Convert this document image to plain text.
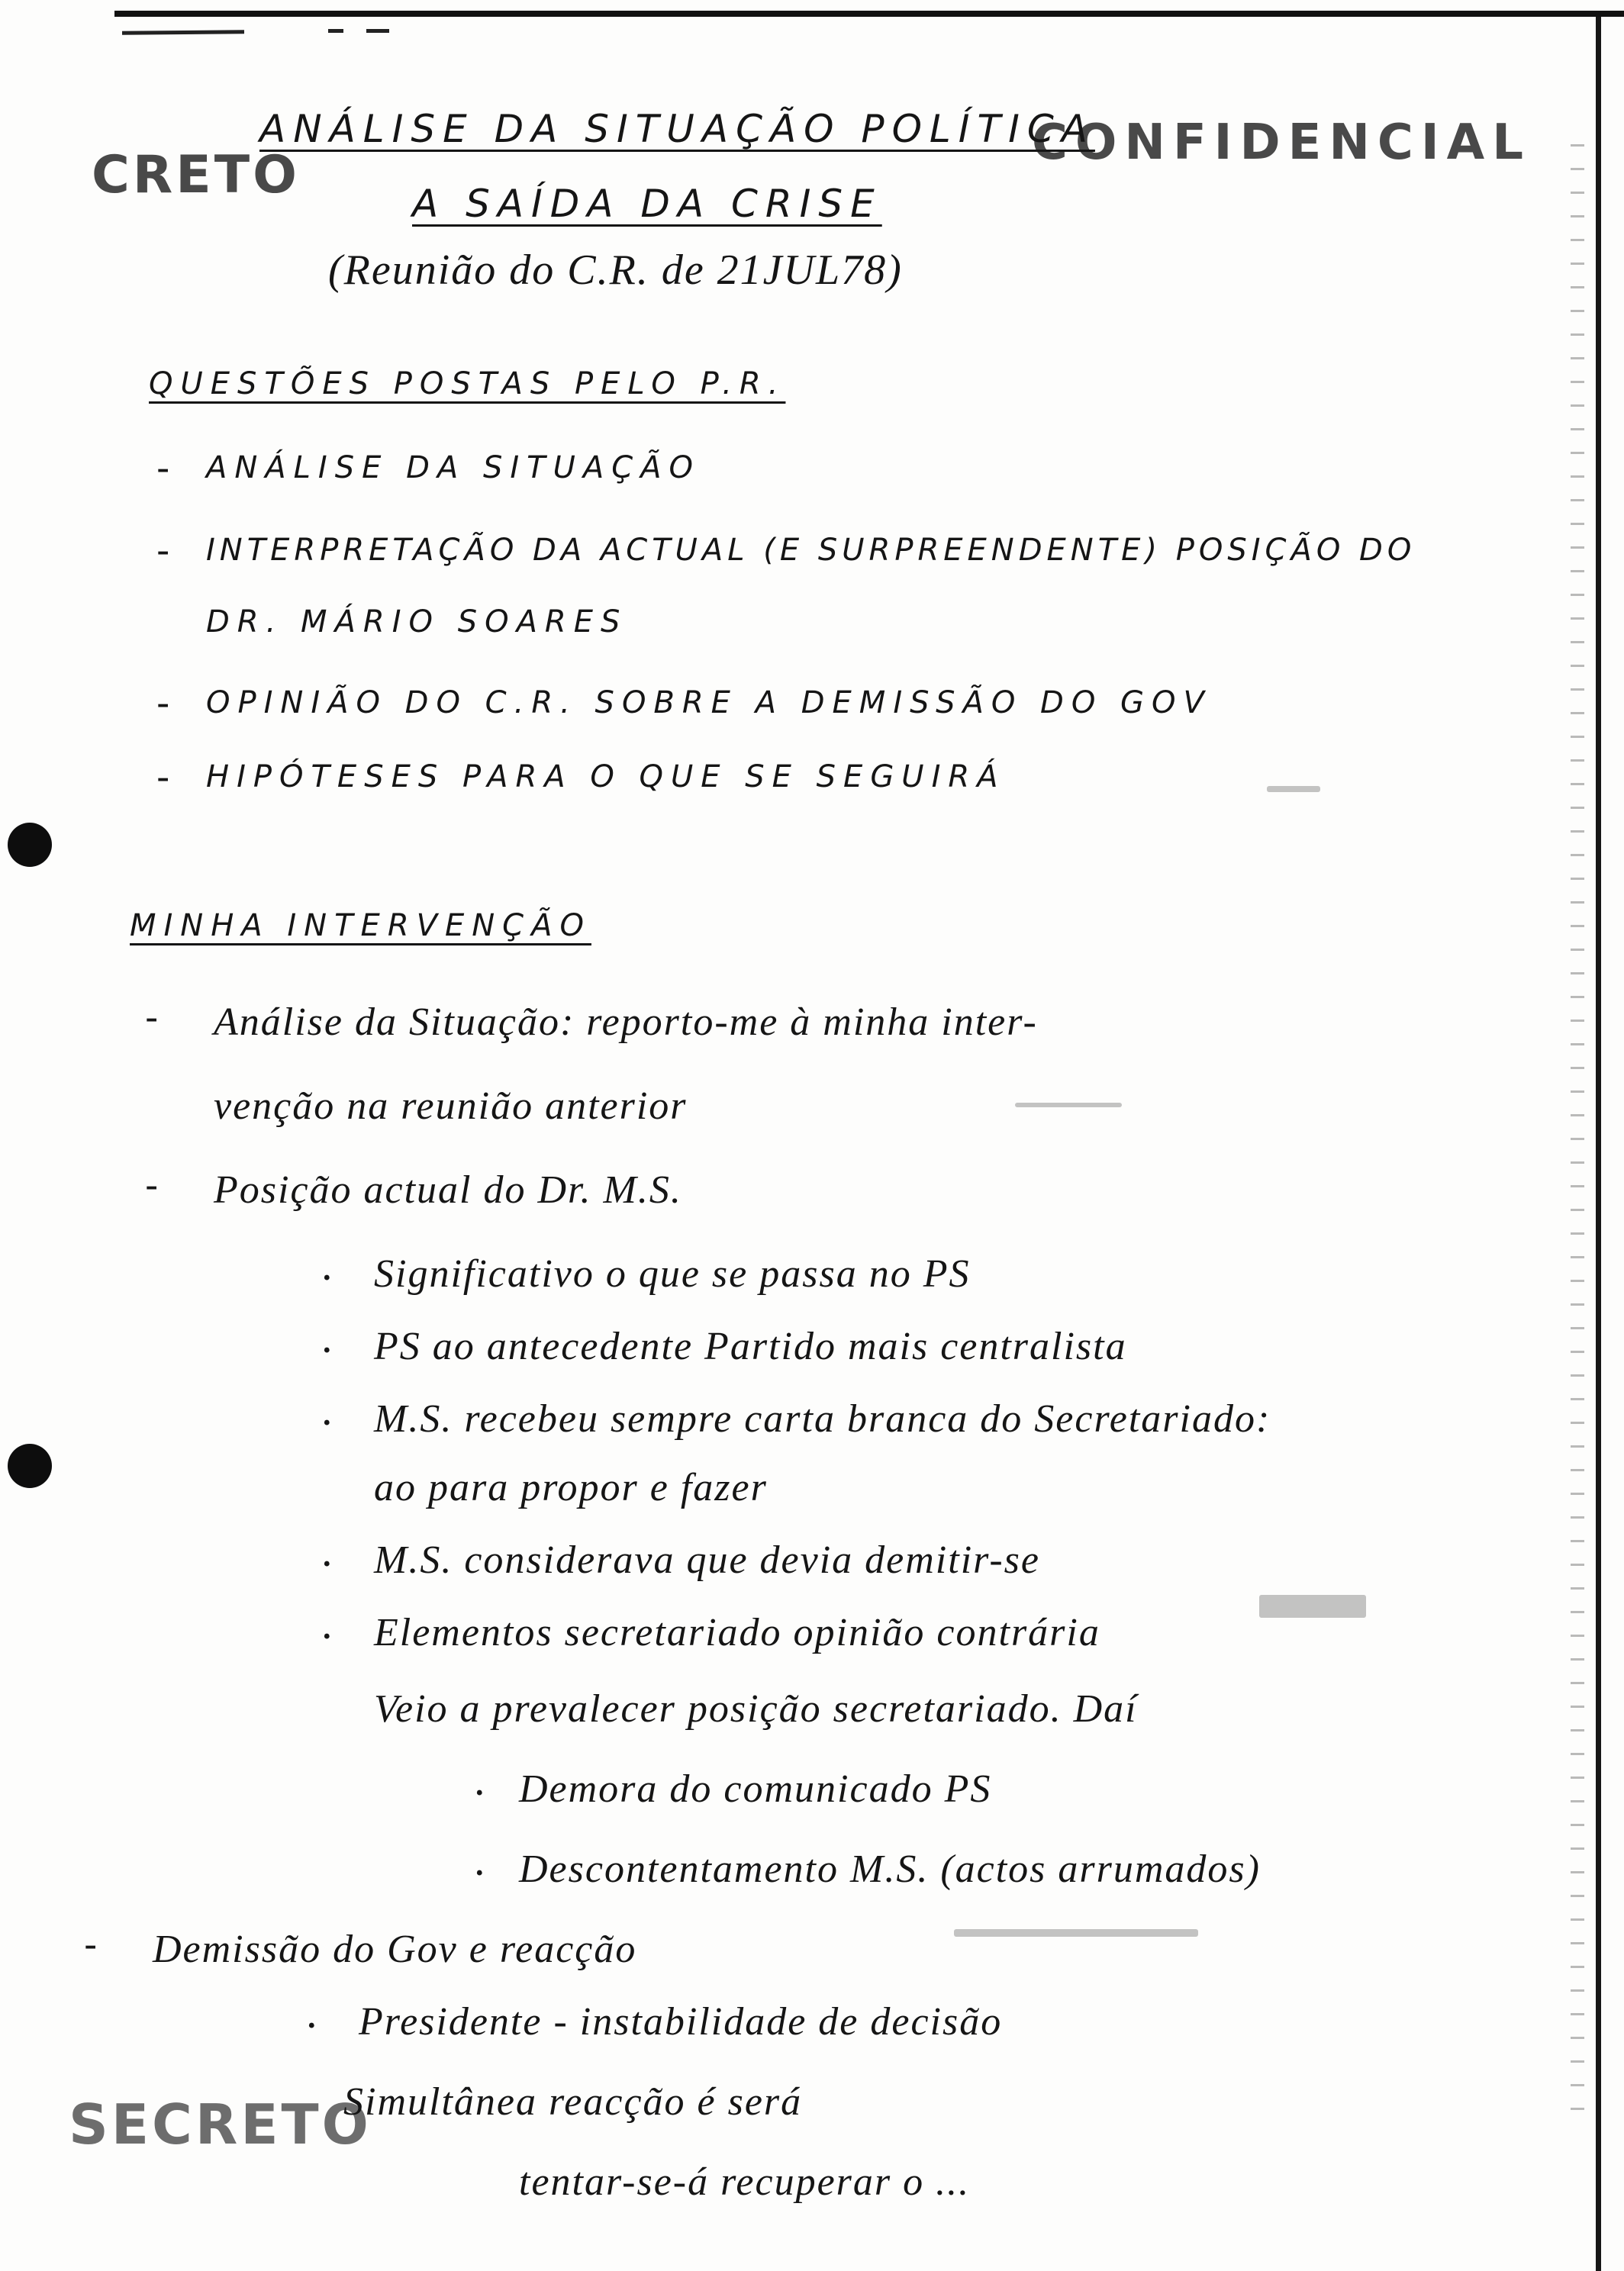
CONFIDENCIAL
CRETO
SECRETO
ANÁLISE DA SITUAÇÃO POLÍTICA
A SAÍDA DA CRISE
(Reunião do C.R. de 21JUL78)
QUESTÕES POSTAS PELO P.R.
- ANÁLISE DA SITUAÇÃO
- INTERPRETAÇÃO DA ACTUAL (E SURPREENDENTE) POSIÇÃO DO
DR. MÁRIO SOARES
- OPINIÃO DO C.R. SOBRE A DEMISSÃO DO GOV
- HIPÓTESES PARA O QUE SE SEGUIRÁ
MINHA INTERVENÇÃO
- Análise da Situação: reporto-me à minha inter-
venção na reunião anterior
- Posição actual do Dr. M.S.
. Significativo o que se passa no PS
. PS ao antecedente Partido mais centralista
. M.S. recebeu sempre carta branca do Secretariado:
ao para propor e fazer
. M.S. considerava que devia demitir-se
. Elementos secretariado opinião contrária
Veio a prevalecer posição secretariado. Daí
. Demora do comunicado PS
. Descontentamento M.S. (actos arrumados)
- Demissão do Gov e reacção
. Presidente - instabilidade de decisão
Simultânea reacção é será
tentar-se-á recuperar o ...
